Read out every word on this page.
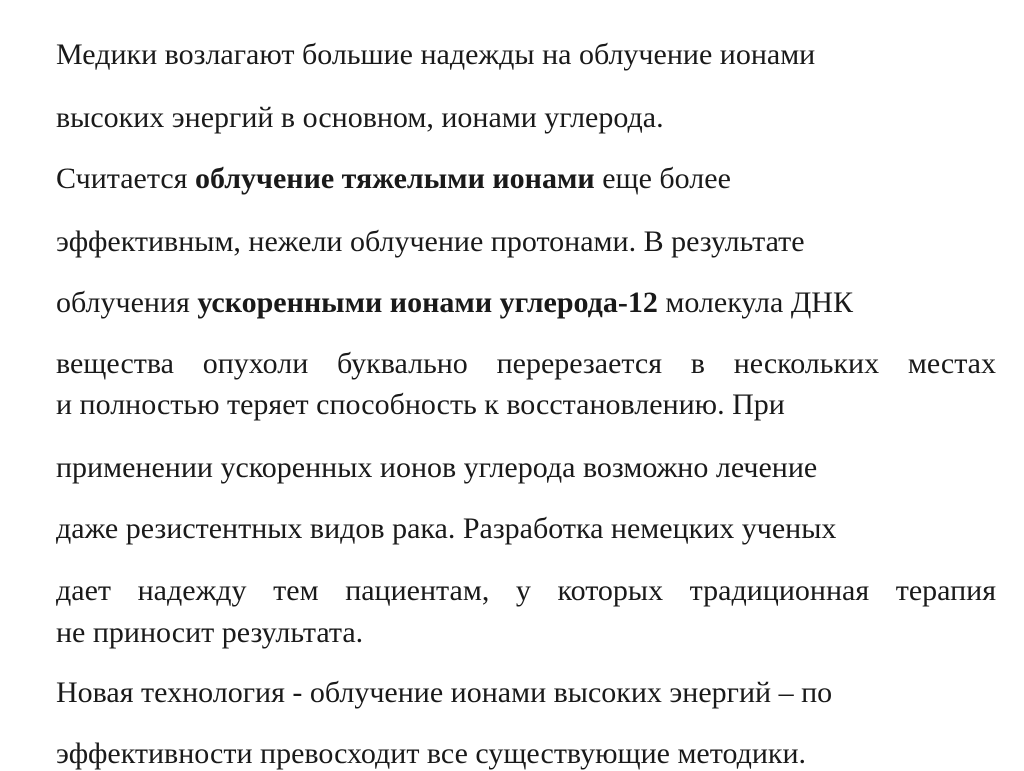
Медики возлагают большие надежды на облучение ионами
высоких энергий в основном, ионами углерода.
Считается облучение тяжелыми ионами еще более
эффективным, нежели облучение протонами. В результате
облучения ускоренными ионами углерода-12 молекула ДНК
вещества опухоли буквально перерезается в нескольких местах
и полностью теряет способность к восстановлению. При
применении ускоренных ионов углерода возможно лечение
даже резистентных видов рака. Разработка немецких ученых
дает надежду тем пациентам, у которых традиционная терапия
не приносит результата.
Новая технология - облучение ионами высоких энергий – по
эффективности превосходит все существующие методики.
